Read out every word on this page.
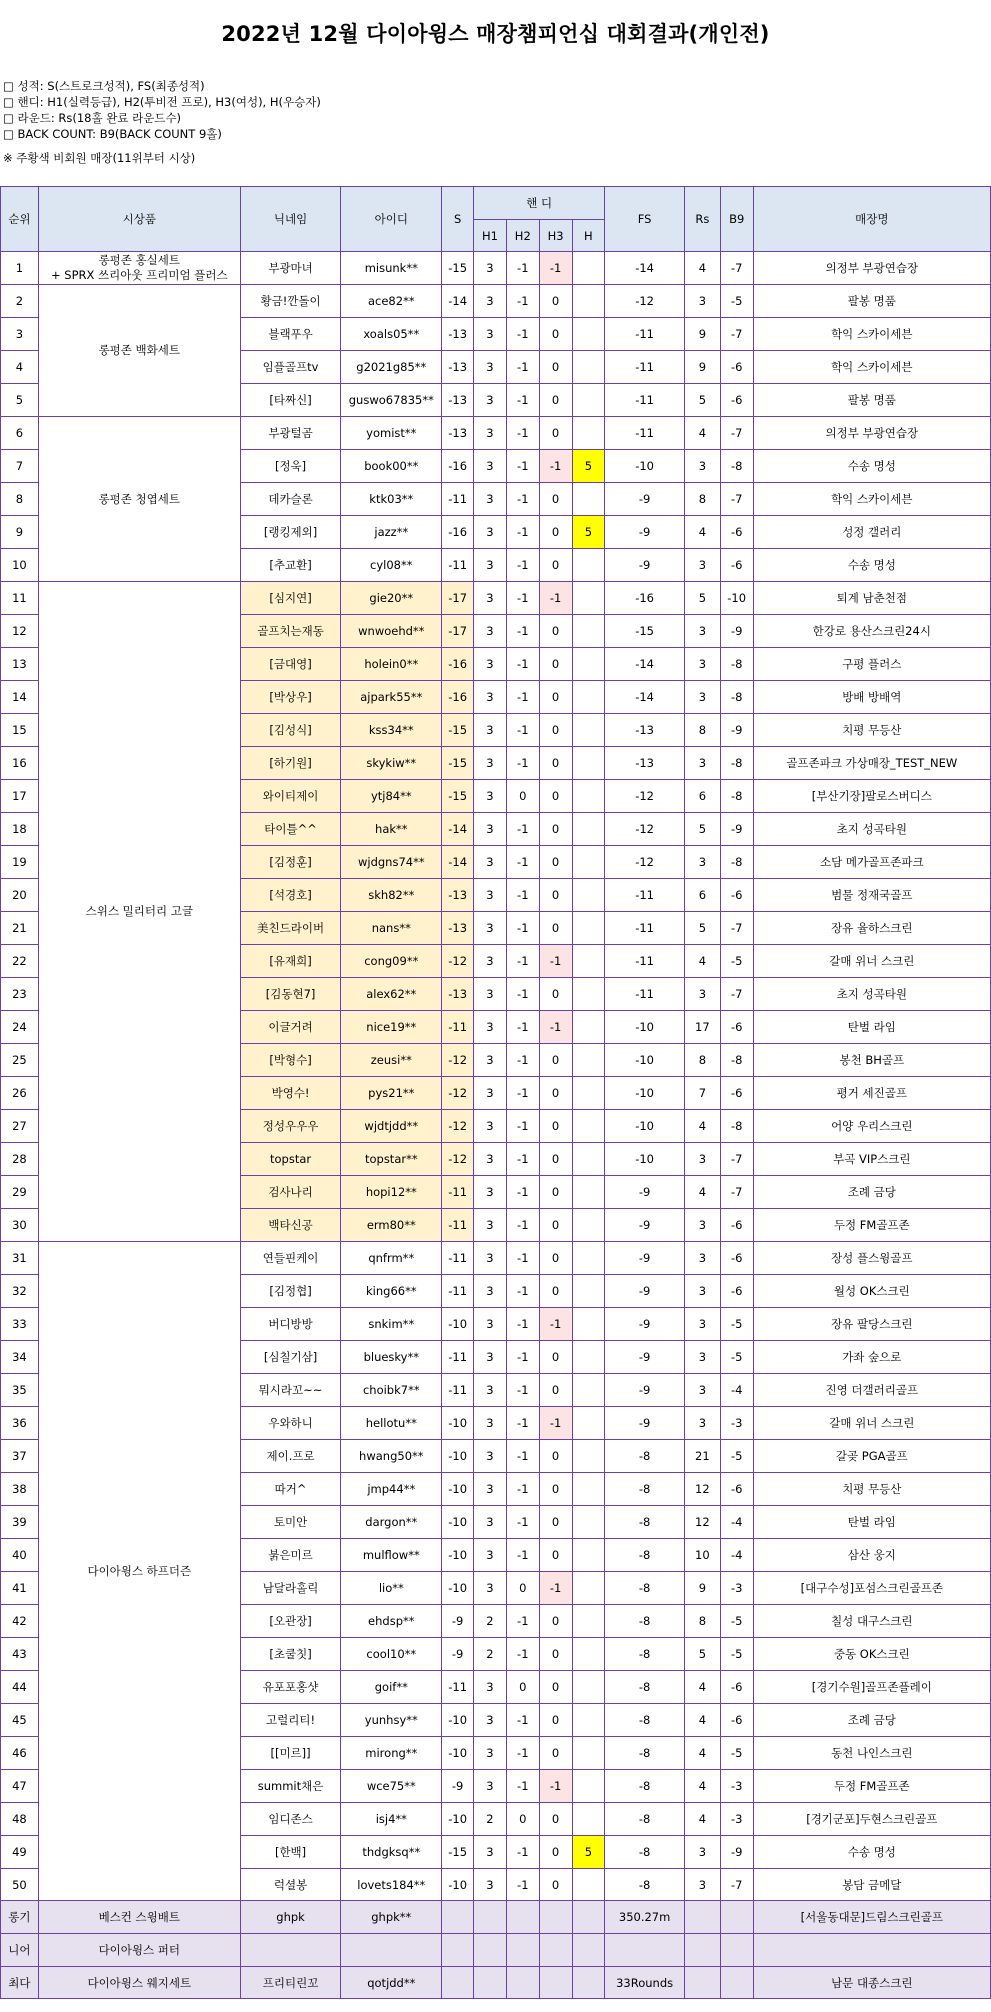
2022년 12월 다이아윙스 매장챔피언십 대회결과(개인전)
□ 성적: S(스트로크성적), FS(최종성적)
□ 핸디: H1(실력등급), H2(투비전 프로), H3(여성), H(우승자)
□ 라운드: Rs(18홀 완료 라운드수)
□ BACK COUNT: B9(BACK COUNT 9홀)
※ 주황색 비회원 매장(11위부터 시상)
순위	시상품	닉네임	아이디	S	핸 디				FS	Rs	B9	매장명
					H1	H2	H3	H				
1	롱펑존 홍실세트
+ SPRX 쓰리아웃 프리미엄 플러스	부광마녀	misunk**	-15	3	-1	-1		-14	4	-7	의정부 부광연습장
2	롱펑존 백화세트	황금!깐돌이	ace82**	-14	3	-1	0		-12	3	-5	팔봉 명품
3		블랙푸우	xoals05**	-13	3	-1	0		-11	9	-7	학익 스카이세븐
4		임플골프tv	g2021g85**	-13	3	-1	0		-11	9	-6	학익 스카이세븐
5		[타짜신]	guswo67835**	-13	3	-1	0		-11	5	-6	팔봉 명품
6	롱펑존 청엽세트	부광털곰	yomist**	-13	3	-1	0		-11	4	-7	의정부 부광연습장
7		[정욱]	book00**	-16	3	-1	-1	5	-10	3	-8	수송 명성
8		데카슬론	ktk03**	-11	3	-1	0		-9	8	-7	학익 스카이세븐
9		[랭킹제외]	jazz**	-16	3	-1	0	5	-9	4	-6	성정 갤러리
10		[추교환]	cyl08**	-11	3	-1	0		-9	3	-6	수송 명성
11	스위스 밀리터리 고글	[심지연]	gie20**	-17	3	-1	-1		-16	5	-10	퇴계 남춘천점
12		골프치는재동	wnwoehd**	-17	3	-1	0		-15	3	-9	한강로 용산스크린24시
13		[금대영]	holein0**	-16	3	-1	0		-14	3	-8	구평 플러스
14		[박상우]	ajpark55**	-16	3	-1	0		-14	3	-8	방배 방배역
15		[김성식]	kss34**	-15	3	-1	0		-13	8	-9	치평 무등산
16		[하기원]	skykiw**	-15	3	-1	0		-13	3	-8	골프존파크 가상매장_TEST_NEW
17		와이티제이	ytj84**	-15	3	0	0		-12	6	-8	[부산기장]팔로스버디스
18		타이틀^^	hak**	-14	3	-1	0		-12	5	-9	초지 성곡타원
19		[김정훈]	wjdgns74**	-14	3	-1	0		-12	3	-8	소담 메가골프존파크
20		[석경호]	skh82**	-13	3	-1	0		-11	6	-6	범물 정재국골프
21		美친드라이버	nans**	-13	3	-1	0		-11	5	-7	장유 율하스크린
22		[유재희]	cong09**	-12	3	-1	-1		-11	4	-5	갈매 위너 스크린
23		[김동현7]	alex62**	-13	3	-1	0		-11	3	-7	초지 성곡타원
24		이글거려	nice19**	-11	3	-1	-1		-10	17	-6	탄벌 라임
25		[박형수]	zeusi**	-12	3	-1	0		-10	8	-8	봉천 BH골프
26		박영수!	pys21**	-12	3	-1	0		-10	7	-6	평거 세진골프
27		정성우우우	wjdtjdd**	-12	3	-1	0		-10	4	-8	어양 우리스크린
28		topstar	topstar**	-12	3	-1	0		-10	3	-7	부곡 VIP스크린
29		검사나리	hopi12**	-11	3	-1	0		-9	4	-7	조례 금당
30		백타신공	erm80**	-11	3	-1	0		-9	3	-6	두정 FM골프존
31	다이아윙스 하프더즌	연들핀케이	qnfrm**	-11	3	-1	0		-9	3	-6	장성 플스윙골프
32		[김정협]	king66**	-11	3	-1	0		-9	3	-6	월성 OK스크린
33		버디방방	snkim**	-10	3	-1	-1		-9	3	-5	장유 팔당스크린
34		[심칠기삼]	bluesky**	-11	3	-1	0		-9	3	-5	가좌 숲으로
35		뭐시라꼬~~	choibk7**	-11	3	-1	0		-9	3	-4	진영 더갤러리골프
36		우와하니	hellotu**	-10	3	-1	-1		-9	3	-3	갈매 위너 스크린
37		제이.프로	hwang50**	-10	3	-1	0		-8	21	-5	갈곶 PGA골프
38		따거^	jmp44**	-10	3	-1	0		-8	12	-6	치평 무등산
39		토미안	dargon**	-10	3	-1	0		-8	12	-4	탄벌 라임
40		붉은미르	mulflow**	-10	3	-1	0		-8	10	-4	삼산 웅지
41		남달라홀릭	lio**	-10	3	0	-1		-8	9	-3	[대구수성]포섬스크린골프존
42		[오관장]	ehdsp**	-9	2	-1	0		-8	8	-5	칠성 대구스크린
43		[초쿨칫]	cool10**	-9	2	-1	0		-8	5	-5	중동 OK스크린
44		유포포홍샷	goif**	-11	3	0	0		-8	4	-6	[경기수원]골프존플레이
45		고럴리티!	yunhsy**	-10	3	-1	0		-8	4	-6	조례 금당
46		[[미르]]	mirong**	-10	3	-1	0		-8	4	-5	동천 나인스크린
47		summit채은	wce75**	-9	3	-1	-1		-8	4	-3	두정 FM골프존
48		임디존스	isj4**	-10	2	0	0		-8	4	-3	[경기군포]두현스크린골프
49		[한백]	thdgksq**	-15	3	-1	0	5	-8	3	-9	수송 명성
50		럭셜봉	lovets184**	-10	3	-1	0		-8	3	-7	봉담 금메달
롱기	베스컨 스윙배트	ghpk	ghpk**						350.27m			[서울동대문]드림스크린골프
니어	다이아윙스 퍼터											
최다	다이아윙스 웨지세트	프리티린꼬	qotjdd**						33Rounds			남문 대종스크린
